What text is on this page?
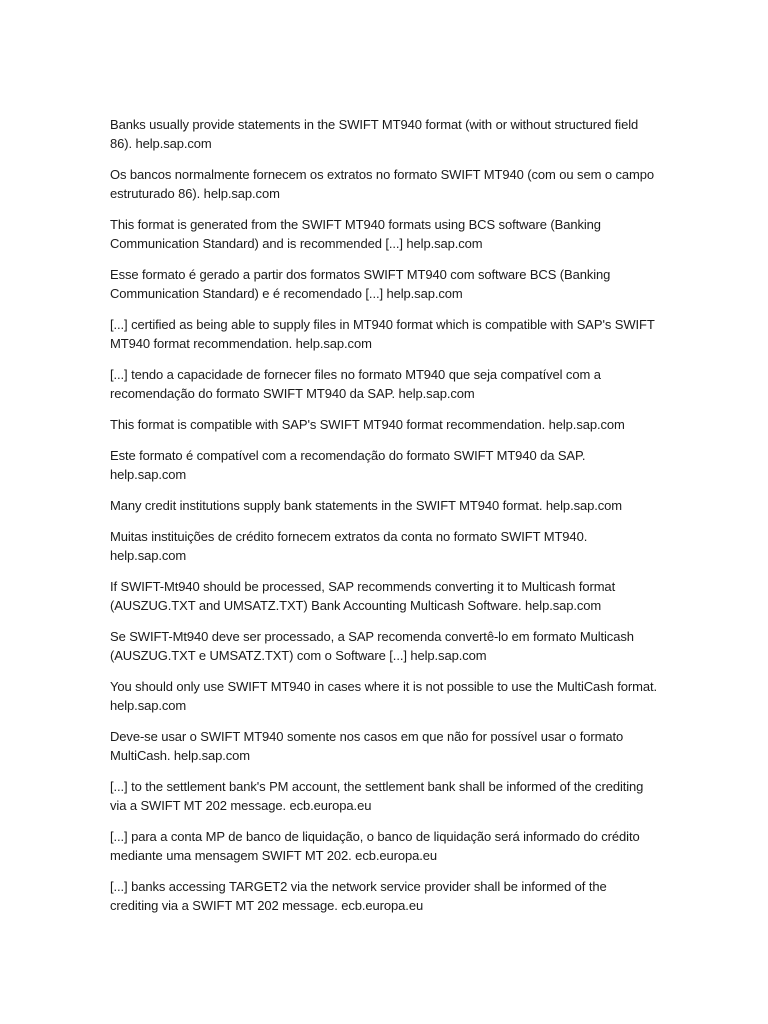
Banks usually provide statements in the SWIFT MT940 format (with or without structured field 86). help.sap.com

Os bancos normalmente fornecem os extratos no formato SWIFT MT940 (com ou sem o campo estruturado 86). help.sap.com

This format is generated from the SWIFT MT940 formats using BCS software (Banking Communication Standard) and is recommended [...] help.sap.com

Esse formato é gerado a partir dos formatos SWIFT MT940 com software BCS (Banking Communication Standard) e é recomendado [...] help.sap.com

[...] certified as being able to supply files in MT940 format which is compatible with SAP's SWIFT MT940 format recommendation. help.sap.com

[...] tendo a capacidade de fornecer files no formato MT940 que seja compatível com a recomendação do formato SWIFT MT940 da SAP. help.sap.com

This format is compatible with SAP's SWIFT MT940 format recommendation. help.sap.com

Este formato é compatível com a recomendação do formato SWIFT MT940 da SAP. help.sap.com

Many credit institutions supply bank statements in the SWIFT MT940 format. help.sap.com

Muitas instituições de crédito fornecem extratos da conta no formato SWIFT MT940. help.sap.com

If SWIFT-Mt940 should be processed, SAP recommends converting it to Multicash format (AUSZUG.TXT and UMSATZ.TXT) Bank Accounting Multicash Software. help.sap.com

Se SWIFT-Mt940 deve ser processado, a SAP recomenda convertê-lo em formato Multicash (AUSZUG.TXT e UMSATZ.TXT) com o Software [...] help.sap.com

You should only use SWIFT MT940 in cases where it is not possible to use the MultiCash format. help.sap.com

Deve-se usar o SWIFT MT940 somente nos casos em que não for possível usar o formato MultiCash. help.sap.com

[...] to the settlement bank's PM account, the settlement bank shall be informed of the crediting via a SWIFT MT 202 message. ecb.europa.eu

[...] para a conta MP de banco de liquidação, o banco de liquidação será informado do crédito mediante uma mensagem SWIFT MT 202. ecb.europa.eu

[...] banks accessing TARGET2 via the network service provider shall be informed of the crediting via a SWIFT MT 202 message. ecb.europa.eu
